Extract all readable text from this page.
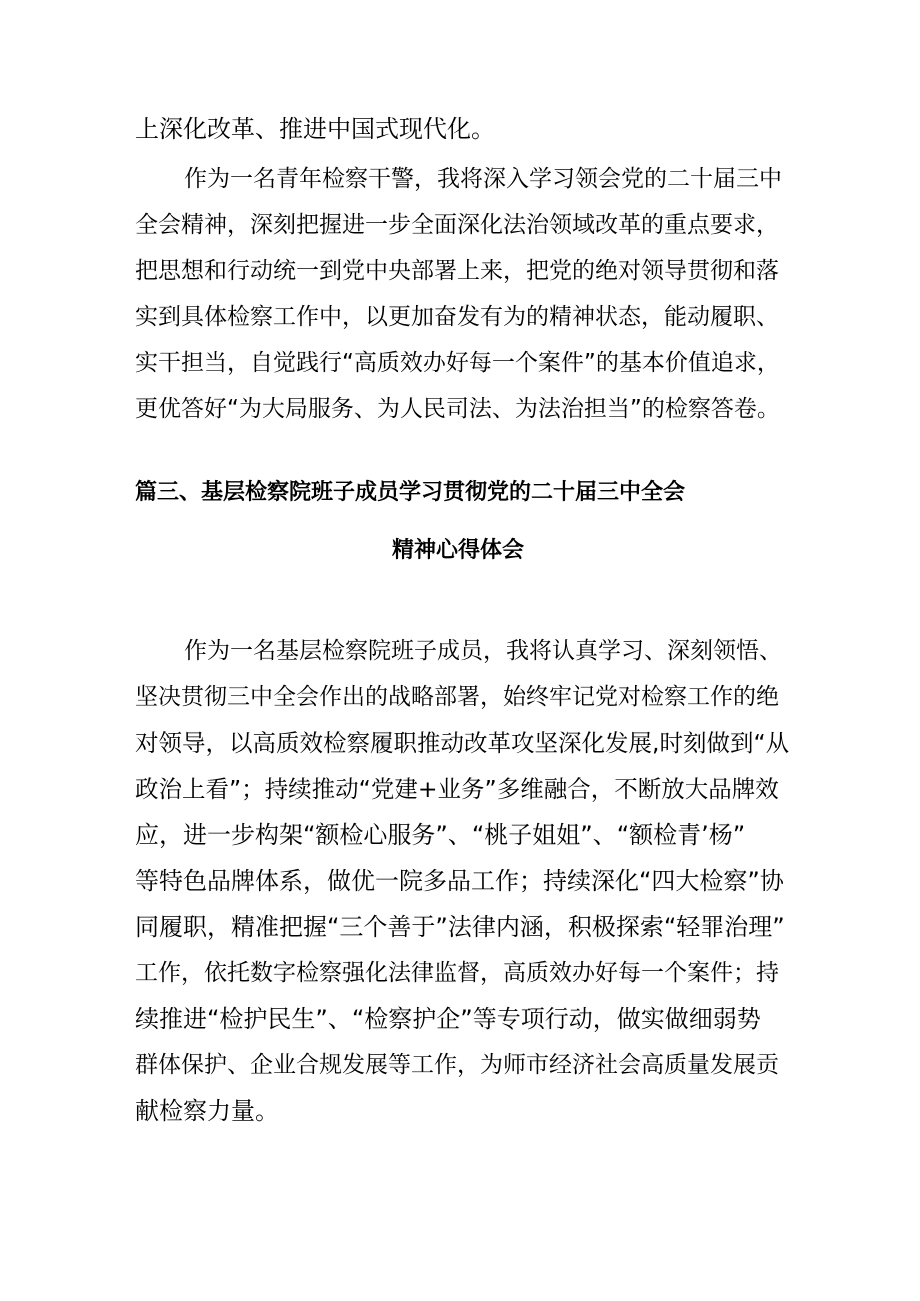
上深化改革、推进中国式现代化。
作为一名青年检察干警，我将深入学习领会党的二十届三中
全会精神，深刻把握进一步全面深化法治领域改革的重点要求，
把思想和行动统一到党中央部署上来，把党的绝对领导贯彻和落
实到具体检察工作中，以更加奋发有为的精神状态，能动履职、
实干担当，自觉践行“高质效办好每一个案件”的基本价值追求，
更优答好“为大局服务、为人民司法、为法治担当”的检察答卷。
篇三、基层检察院班子成员学习贯彻党的二十届三中全会
精神心得体会
作为一名基层检察院班子成员，我将认真学习、深刻领悟、
坚决贯彻三中全会作出的战略部署，始终牢记党对检察工作的绝
对领导，以高质效检察履职推动改革攻坚深化发展,时刻做到“从
政治上看”；持续推动“党建+业务”多维融合，不断放大品牌效
应，进一步构架“额检心服务”、“桃子姐姐”、“额检青’杨”
等特色品牌体系，做优一院多品工作；持续深化“四大检察”协
同履职，精准把握“三个善于”法律内涵，积极探索“轻罪治理”
工作，依托数字检察强化法律监督，高质效办好每一个案件；持
续推进“检护民生”、“检察护企”等专项行动，做实做细弱势
群体保护、企业合规发展等工作，为师市经济社会高质量发展贡
献检察力量。
